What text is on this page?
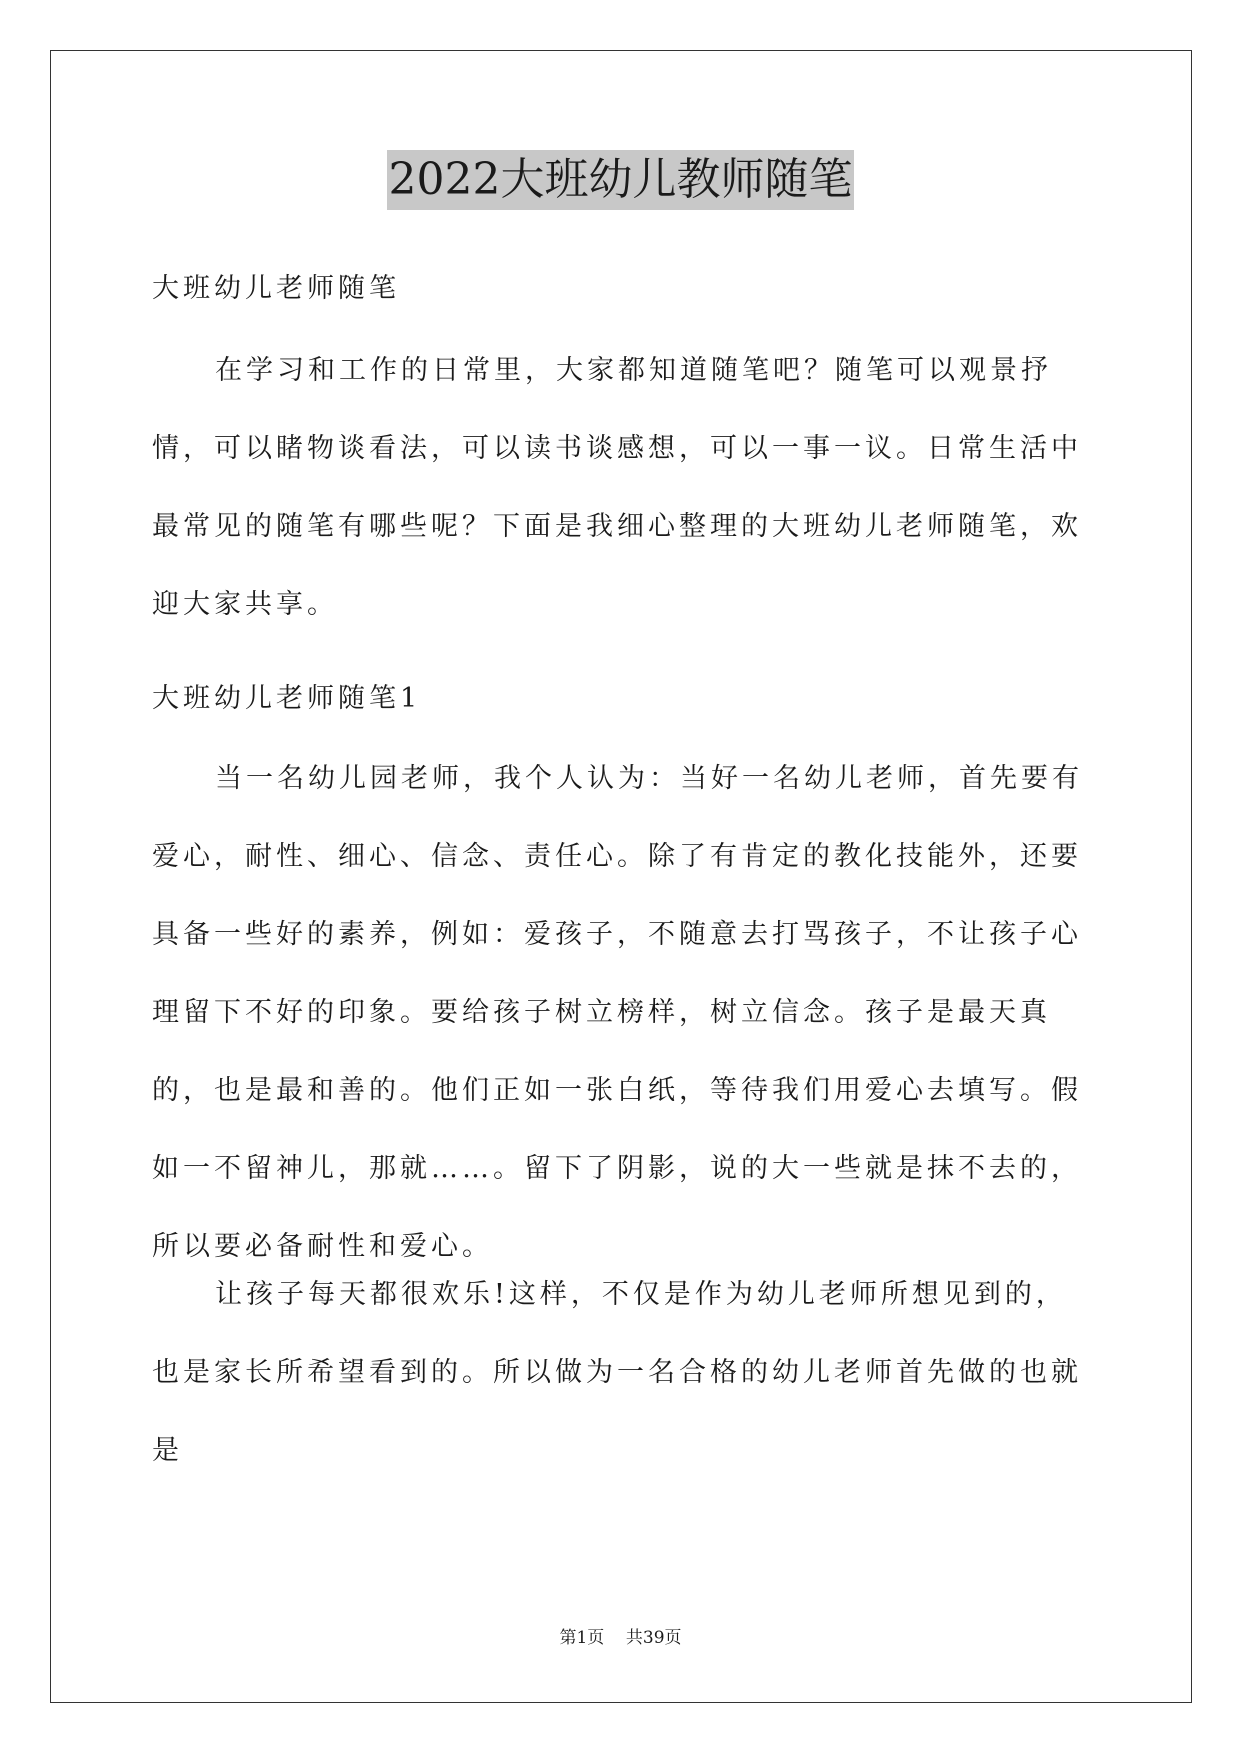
2022大班幼儿教师随笔

大班幼儿老师随笔

在学习和工作的日常里，大家都知道随笔吧？随笔可以观景抒情，可以睹物谈看法，可以读书谈感想，可以一事一议。日常生活中最常见的随笔有哪些呢？下面是我细心整理的大班幼儿老师随笔，欢迎大家共享。

大班幼儿老师随笔1

当一名幼儿园老师，我个人认为：当好一名幼儿老师，首先要有爱心，耐性、细心、信念、责任心。除了有肯定的教化技能外，还要具备一些好的素养，例如：爱孩子，不随意去打骂孩子，不让孩子心理留下不好的印象。要给孩子树立榜样，树立信念。孩子是最天真的，也是最和善的。他们正如一张白纸，等待我们用爱心去填写。假如一不留神儿，那就……。留下了阴影，说的大一些就是抹不去的，所以要必备耐性和爱心。

让孩子每天都很欢乐!这样，不仅是作为幼儿老师所想见到的，也是家长所希望看到的。所以做为一名合格的幼儿老师首先做的也就是

第1页 共39页
